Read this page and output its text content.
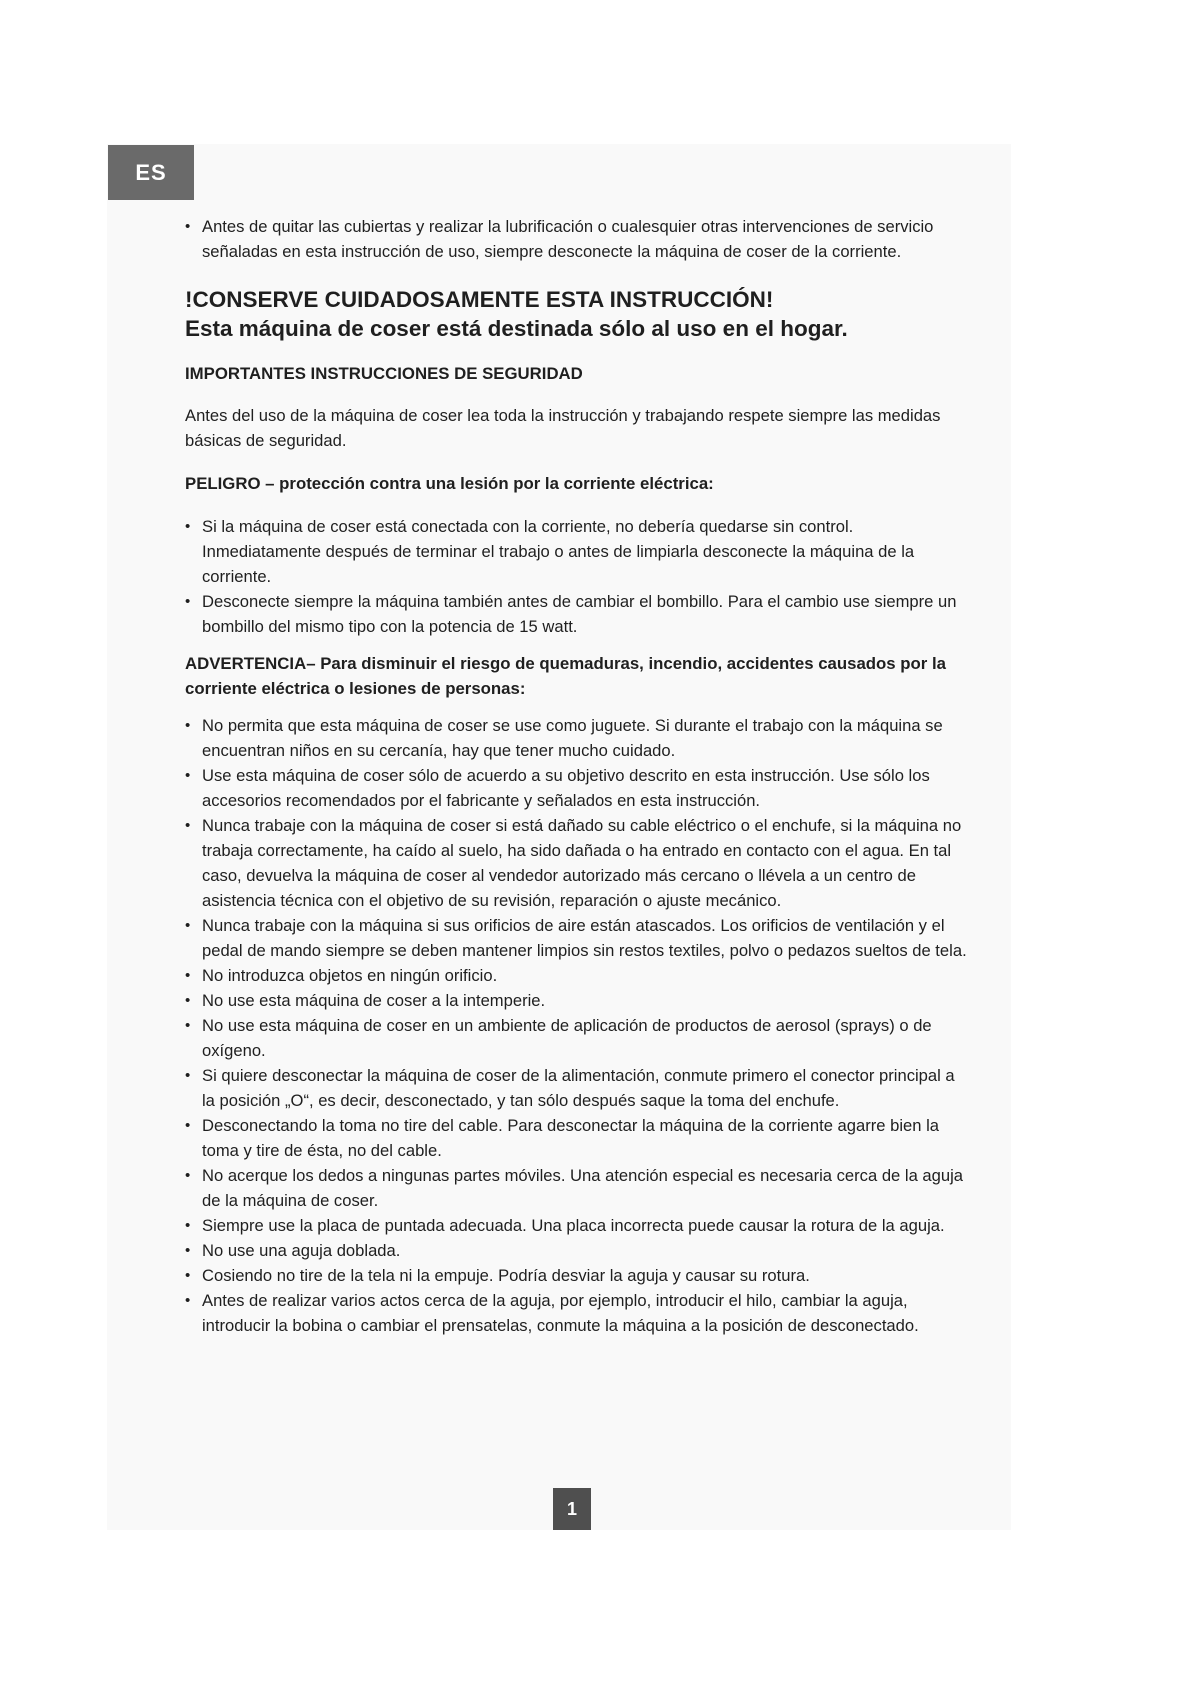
ES
• Antes de quitar las cubiertas y realizar la lubrificación o cualesquier otras intervenciones de servicio señaladas en esta instrucción de uso, siempre desconecte la máquina de coser de la corriente.
!CONSERVE CUIDADOSAMENTE ESTA INSTRUCCIÓN!
Esta máquina de coser está destinada sólo al uso en el hogar.
IMPORTANTES INSTRUCCIONES DE SEGURIDAD

Antes del uso de la máquina de coser lea toda la instrucción y trabajando respete siempre las medidas básicas de seguridad.

PELIGRO – protección contra una lesión por la corriente eléctrica:
• Si la máquina de coser está conectada con la corriente, no debería quedarse sin control. Inmediatamente después de terminar el trabajo o antes de limpiarla desconecte la máquina de la corriente.
• Desconecte siempre la máquina también antes de cambiar el bombillo. Para el cambio use siempre un bombillo del mismo tipo con la potencia de 15 watt.
ADVERTENCIA– Para disminuir el riesgo de quemaduras, incendio, accidentes causados por la corriente eléctrica o lesiones de personas:
• No permita que esta máquina de coser se use como juguete. Si durante el trabajo con la máquina se encuentran niños en su cercanía, hay que tener mucho cuidado.
• Use esta máquina de coser sólo de acuerdo a su objetivo descrito en esta instrucción. Use sólo los accesorios recomendados por el fabricante y señalados en esta instrucción.
• Nunca trabaje con la máquina de coser si está dañado su cable eléctrico o el enchufe, si la máquina no trabaja correctamente, ha caído al suelo, ha sido dañada o ha entrado en contacto con el agua. En tal caso, devuelva la máquina de coser al vendedor autorizado más cercano o llévela a un centro de asistencia técnica con el objetivo de su revisión, reparación o ajuste mecánico.
• Nunca trabaje con la máquina si sus orificios de aire están atascados. Los orificios de ventilación y el pedal de mando siempre se deben mantener limpios sin restos textiles, polvo o pedazos sueltos de tela.
• No introduzca objetos en ningún orificio.
• No use esta máquina de coser a la intemperie.
• No use esta máquina de coser en un ambiente de aplicación de productos de aerosol (sprays) o de oxígeno.
• Si quiere desconectar la máquina de coser de la alimentación, conmute primero el conector principal a la posición „O“, es decir, desconectado, y tan sólo después saque la toma del enchufe.
• Desconectando la toma no tire del cable. Para desconectar la máquina de la corriente agarre bien la toma y tire de ésta, no del cable.
• No acerque los dedos a ningunas partes móviles. Una atención especial es necesaria cerca de la aguja de la máquina de coser.
• Siempre use la placa de puntada adecuada. Una placa incorrecta puede causar la rotura de la aguja.
• No use una aguja doblada.
• Cosiendo no tire de la tela ni la empuje. Podría desviar la aguja y causar su rotura.
• Antes de realizar varios actos cerca de la aguja, por ejemplo, introducir el hilo, cambiar la aguja, introducir la bobina o cambiar el prensatelas, conmute la máquina a la posición de desconectado.
1
